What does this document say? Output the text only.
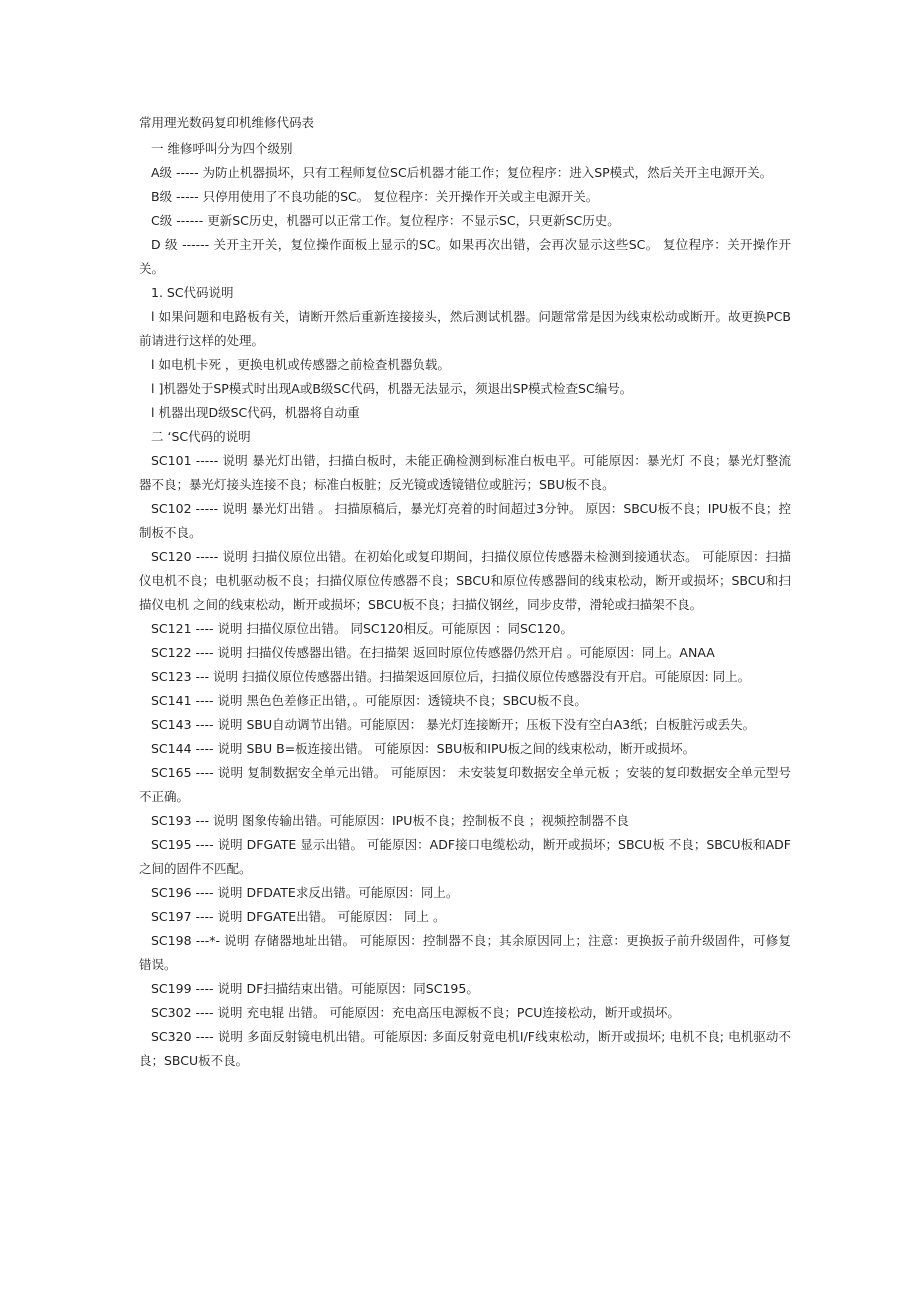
常用理光数码复印机维修代码表

一 维修呼叫分为四个级别

A级 ----- 为防止机器损坏，只有工程师复位SC后机器才能工作；复位程序：进入SP模式，然后关开主电源开关。

B级 ----- 只停用使用了不良功能的SC。 复位程序：关开操作开关或主电源开关。

C级 ------ 更新SC历史，机器可以正常工作。复位程序：不显示SC，只更新SC历史。

D 级 ------ 关开主开关，复位操作面板上显示的SC。如果再次出错，会再次显示这些SC。 复位程序：关开操作开关。

1. SC代码说明

l 如果问题和电路板有关，请断开然后重新连接接头，然后测试机器。问题常常是因为线束松动或断开。故更换PCB前请进行这样的处理。

l 如电机卡死 ，更换电机或传感器之前检查机器负载。

l ]机器处于SP模式时出现A或B级SC代码，机器无法显示，须退出SP模式检查SC编号。

l 机器出现D级SC代码，机器将自动重

二 ‘SC代码的说明

SC101 ----- 说明 暴光灯出错，扫描白板时，未能正确检测到标准白板电平。可能原因：暴光灯 不良；暴光灯整流器不良；暴光灯接头连接不良；标准白板脏；反光镜或透镜错位或脏污；SBU板不良。

SC102 ----- 说明 暴光灯出错 。 扫描原稿后，暴光灯亮着的时间超过3分钟。 原因：SBCU板不良；IPU板不良；控制板不良。

SC120 ----- 说明 扫描仪原位出错。在初始化或复印期间，扫描仪原位传感器未检测到接通状态。 可能原因：扫描仪电机不良；电机驱动板不良；扫描仪原位传感器不良；SBCU和原位传感器间的线束松动，断开或损坏；SBCU和扫描仪电机 之间的线束松动，断开或损坏；SBCU板不良；扫描仪钢丝，同步皮带，滑轮或扫描架不良。

SC121 ---- 说明 扫描仪原位出错。 同SC120相反。可能原因 ：同SC120。

SC122 ---- 说明 扫描仪传感器出错。在扫描架 返回时原位传感器仍然开启 。可能原因：同上。ANAA

SC123 --- 说明 扫描仪原位传感器出错。扫描架返回原位后，扫描仪原位传感器没有开启。可能原因: 同上。

SC141 ---- 说明 黑色色差修正出错，。可能原因：透镜块不良；SBCU板不良。

SC143 ---- 说明 SBU自动调节出错。可能原因： 暴光灯连接断开；压板下没有空白A3纸；白板脏污或丢失。

SC144 ---- 说明 SBU B=板连接出错。 可能原因：SBU板和IPU板之间的线束松动，断开或损坏。

SC165 ---- 说明 复制数据安全单元出错。 可能原因： 未安装复印数据安全单元板 ；安装的复印数据安全单元型号不正确。

SC193 --- 说明 图象传输出错。可能原因：IPU板不良；控制板不良 ；视频控制器不良

SC195 ---- 说明 DFGATE 显示出错。 可能原因：ADF接口电缆松动，断开或损坏；SBCU板 不良；SBCU板和ADF之间的固件不匹配。

SC196 ---- 说明 DFDATE求反出错。可能原因：同上。

SC197 ---- 说明 DFGATE出错。 可能原因： 同上 。

SC198 ---*- 说明 存储器地址出错。 可能原因：控制器不良；其余原因同上；注意：更换扳子前升级固件，可修复错误。

SC199 ---- 说明 DF扫描结束出错。可能原因：同SC195。

SC302 ---- 说明 充电辊 出错。 可能原因：充电高压电源板不良；PCU连接松动，断开或损坏。

SC320 ---- 说明 多面反射镜电机出错。可能原因: 多面反射竟电机I/F线束松动，断开或损坏; 电机不良; 电机驱动不良；SBCU板不良。
